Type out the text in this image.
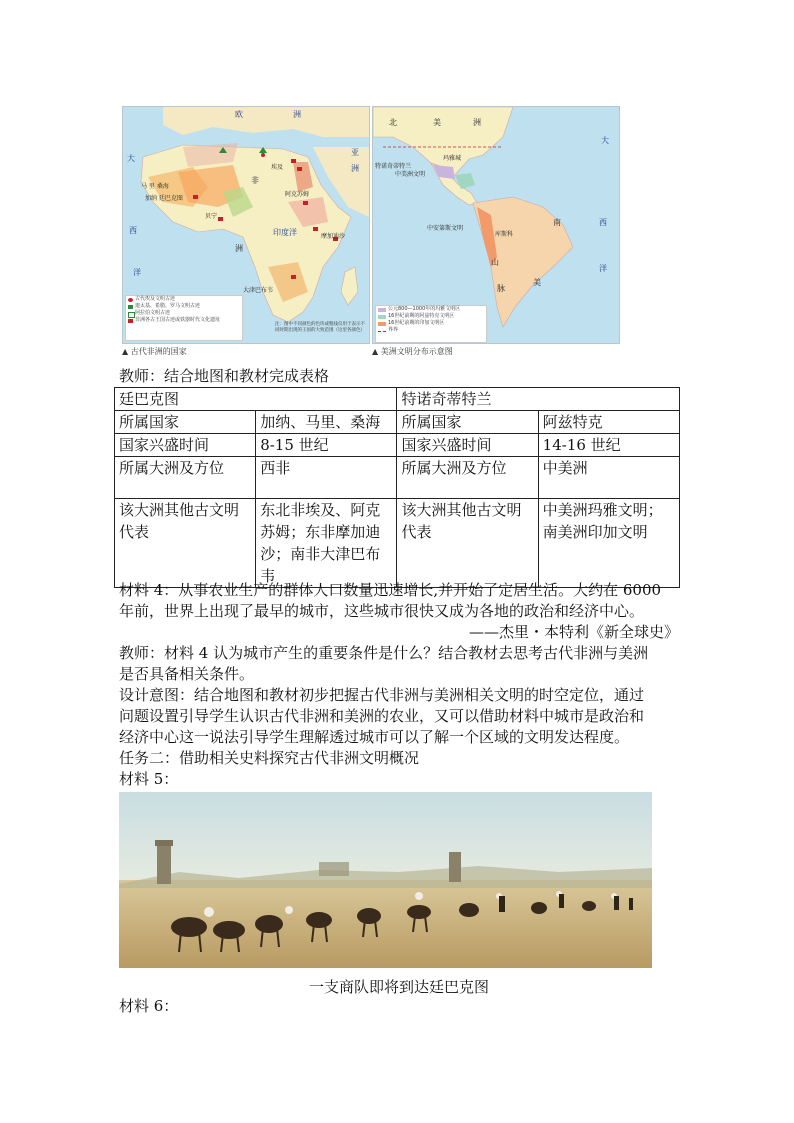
欧	洲
大
西
洋
非
洲
埃及
马 里 桑海
加纳 廷巴克图
贝宁
阿克苏姆
摩加迪沙
大津巴布韦
印度洋
亚
洲
古代埃及文明古迹
迦太基、希腊、罗马文明古迹
阿拉伯文明古迹
非洲各古王国古迹或铁器时代文化遗址
注：图中不同颜色的色块或粗线仅用于表示不同时期出现的王国的大致范围（这里各颜色）
北	美	洲
玛雅城
特诺奇蒂特兰
中美洲文明
中安第斯文明
库斯科
大
南	西
洋
美
山
脉
公元800—1000年的玛雅文明区
16世纪前期的阿兹特克文明区
16世纪前期的印加文明区
界界
▲ 古代非洲的国家	▲ 美洲文明分布示意图
教师：结合地图和教材完成表格
廷巴克图		特诺奇蒂特兰	
所属国家	加纳、马里、桑海	所属国家	阿兹特克
国家兴盛时间	8-15 世纪	国家兴盛时间	14-16 世纪
所属大洲及方位	西非	所属大洲及方位	中美洲
该大洲其他古文明代表	东北非埃及、阿克苏姆；东非摩加迪沙；南非大津巴布韦	该大洲其他古文明代表	中美洲玛雅文明；南美洲印加文明
材料 4：从事农业生产的群体人口数量迅速增长,并开始了定居生活。大约在 6000
年前，世界上出现了最早的城市，这些城市很快又成为各地的政治和经济中心。
——杰里・本特利《新全球史》
教师：材料 4 认为城市产生的重要条件是什么？结合教材去思考古代非洲与美洲
是否具备相关条件。
设计意图：结合地图和教材初步把握古代非洲与美洲相关文明的时空定位，通过
问题设置引导学生认识古代非洲和美洲的农业，又可以借助材料中城市是政治和
经济中心这一说法引导学生理解透过城市可以了解一个区域的文明发达程度。
任务二：借助相关史料探究古代非洲文明概况
材料 5：
一支商队即将到达廷巴克图
材料 6：
